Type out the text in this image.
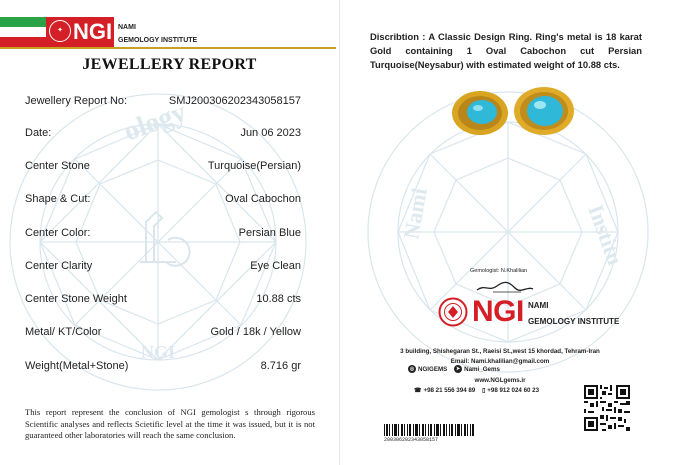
ology
NGI
✦ NGI NAMI
GEMOLOGY INSTITUTE
JEWELLERY REPORT
Jewellery Report No:	SMJ200306202343058157
Date:	Jun 06 2023
Center Stone	Turquoise(Persian)
Shape & Cut:	Oval Cabochon
Center Color:	Persian Blue
Center Clarity	Eye Clean
Center Stone Weight	10.88 cts
Metal/ KT/Color	Gold / 18k / Yellow
Weight(Metal+Stone)	8.716 gr
This report represent the conclusion of NGI gemologist s through rigorous Scientific analyses and reflects Scietific level at the time it was issued, but it is not guaranteed other laboratories will reach the same conclusion.
Institu
Nami
Discribtion : A Classic Design Ring. Ring's metal is 18 karat Gold containing 1 Oval Cabochon cut Persian Turquoise(Neysabur) with estimated weight of 10.88 cts.
Gemologist: N.Khalilian
NGI NAMI
GEMOLOGY INSTITUTE
3 building, Shishegaran St., Raeisi St.,west 15 khordad, Tehram-Iran
Email: Nami.khalilian@gmail.com
◎ NGIGEMS ➤ Nami_Gems
www.NGLgems.ir
☎ +98 21 556 394 89 ▯ +98 912 024 60 23
200306202343058157
